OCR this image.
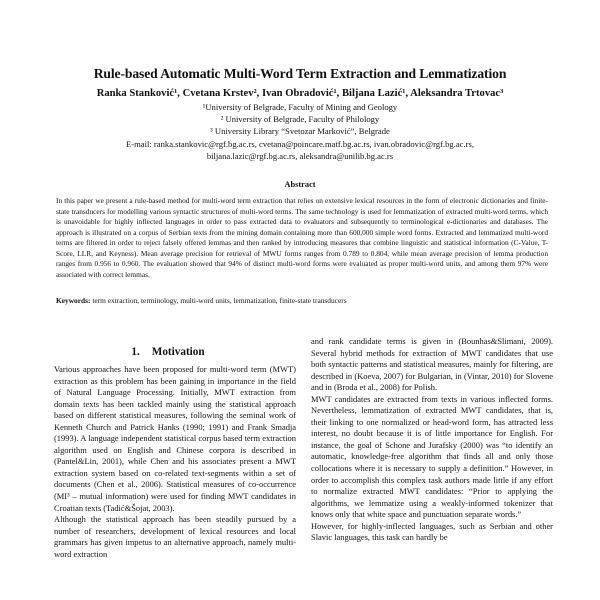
Rule-based Automatic Multi-Word Term Extraction and Lemmatization
Ranka Stanković¹, Cvetana Krstev², Ivan Obradović¹, Biljana Lazić¹, Aleksandra Trtovac³
¹University of Belgrade, Faculty of Mining and Geology
² University of Belgrade, Faculty of Philology
³ University Library “Svetozar Marković”, Belgrade
E-mail: ranka.stankovic@rgf.bg.ac.rs, cvetana@poincare.matf.bg.ac.rs, ivan.obradovic@rgf.bg.ac.rs,
biljana.lazic@rgf.bg.ac.rs, aleksandra@unilib.bg.ac.rs
Abstract

In this paper we present a rule-based method for multi-word term extraction that relies on extensive lexical resources in the form of electronic dictionaries and finite-state transducers for modelling various syntactic structures of multi-word terms. The same technology is used for lemmatization of extracted multi-word terms, which is unavoidable for highly inflected languages in order to pass extracted data to evaluators and subsequently to terminological e-dictionaries and databases. The approach is illustrated on a corpus of Serbian texts from the mining domain containing more than 600,000 simple word forms. Extracted and lemmatized multi-word terms are filtered in order to reject falsely offered lemmas and then ranked by introducing measures that combine linguistic and statistical information (C-Value, T-Score, LLR, and Keyness). Mean average precision for retrieval of MWU forms ranges from 0.789 to 0.804, while mean average precision of lemma production ranges from 0.956 to 0.960. The evaluation showed that 94% of distinct multi-word forms were evaluated as proper multi-word units, and among them 97% were associated with correct lemmas.

Keywords: term extraction, terminology, multi-word units, lemmatization, finite-state transducers

1. Motivation

Various approaches have been proposed for multi-word term (MWT) extraction as this problem has been gaining in importance in the field of Natural Language Processing. Initially, MWT extraction from domain texts has been tackled mainly using the statistical approach based on different statistical measures, following the seminal work of Kenneth Church and Patrick Hanks (1990; 1991) and Frank Smadja (1993). A language independent statistical corpus based term extraction algorithm used on English and Chinese corpora is described in (Pantel&Lin, 2001), while Chen and his associates present a MWT extraction system based on co-related text-segments within a set of documents (Chen et al., 2006). Statistical measures of co-occurrence (MI³ – mutual information) were used for finding MWT candidates in Croatian texts (Tadić&Šojat, 2003).

Although the statistical approach has been steadily pursued by a number of researchers, development of lexical resources and local grammars has given impetus to an alternative approach, namely multi-word extraction

and rank candidate terms is given in (Bounhas&Slimani, 2009). Several hybrid methods for extraction of MWT candidates that use both syntactic patterns and statistical measures, mainly for filtering, are described in (Koeva, 2007) for Bulgarian, in (Vintar, 2010) for Slovene and in (Broda et al., 2008) for Polish.

MWT candidates are extracted from texts in various inflected forms. Nevertheless, lemmatization of extracted MWT candidates, that is, their linking to one normalized or head-word form, has attracted less interest, no doubt because it is of little importance for English. For instance, the goal of Schone and Jurafsky (2000) was “to identify an automatic, knowledge-free algorithm that finds all and only those collocations where it is necessary to supply a definition.” However, in order to accomplish this complex task authors made little if any effort to normalize extracted MWT candidates: “Prior to applying the algorithms, we lemmatize using a weakly-informed tokenizer that knows only that white space and punctuation separate words.”

However, for highly-inflected languages, such as Serbian and other Slavic languages, this task can hardly be
